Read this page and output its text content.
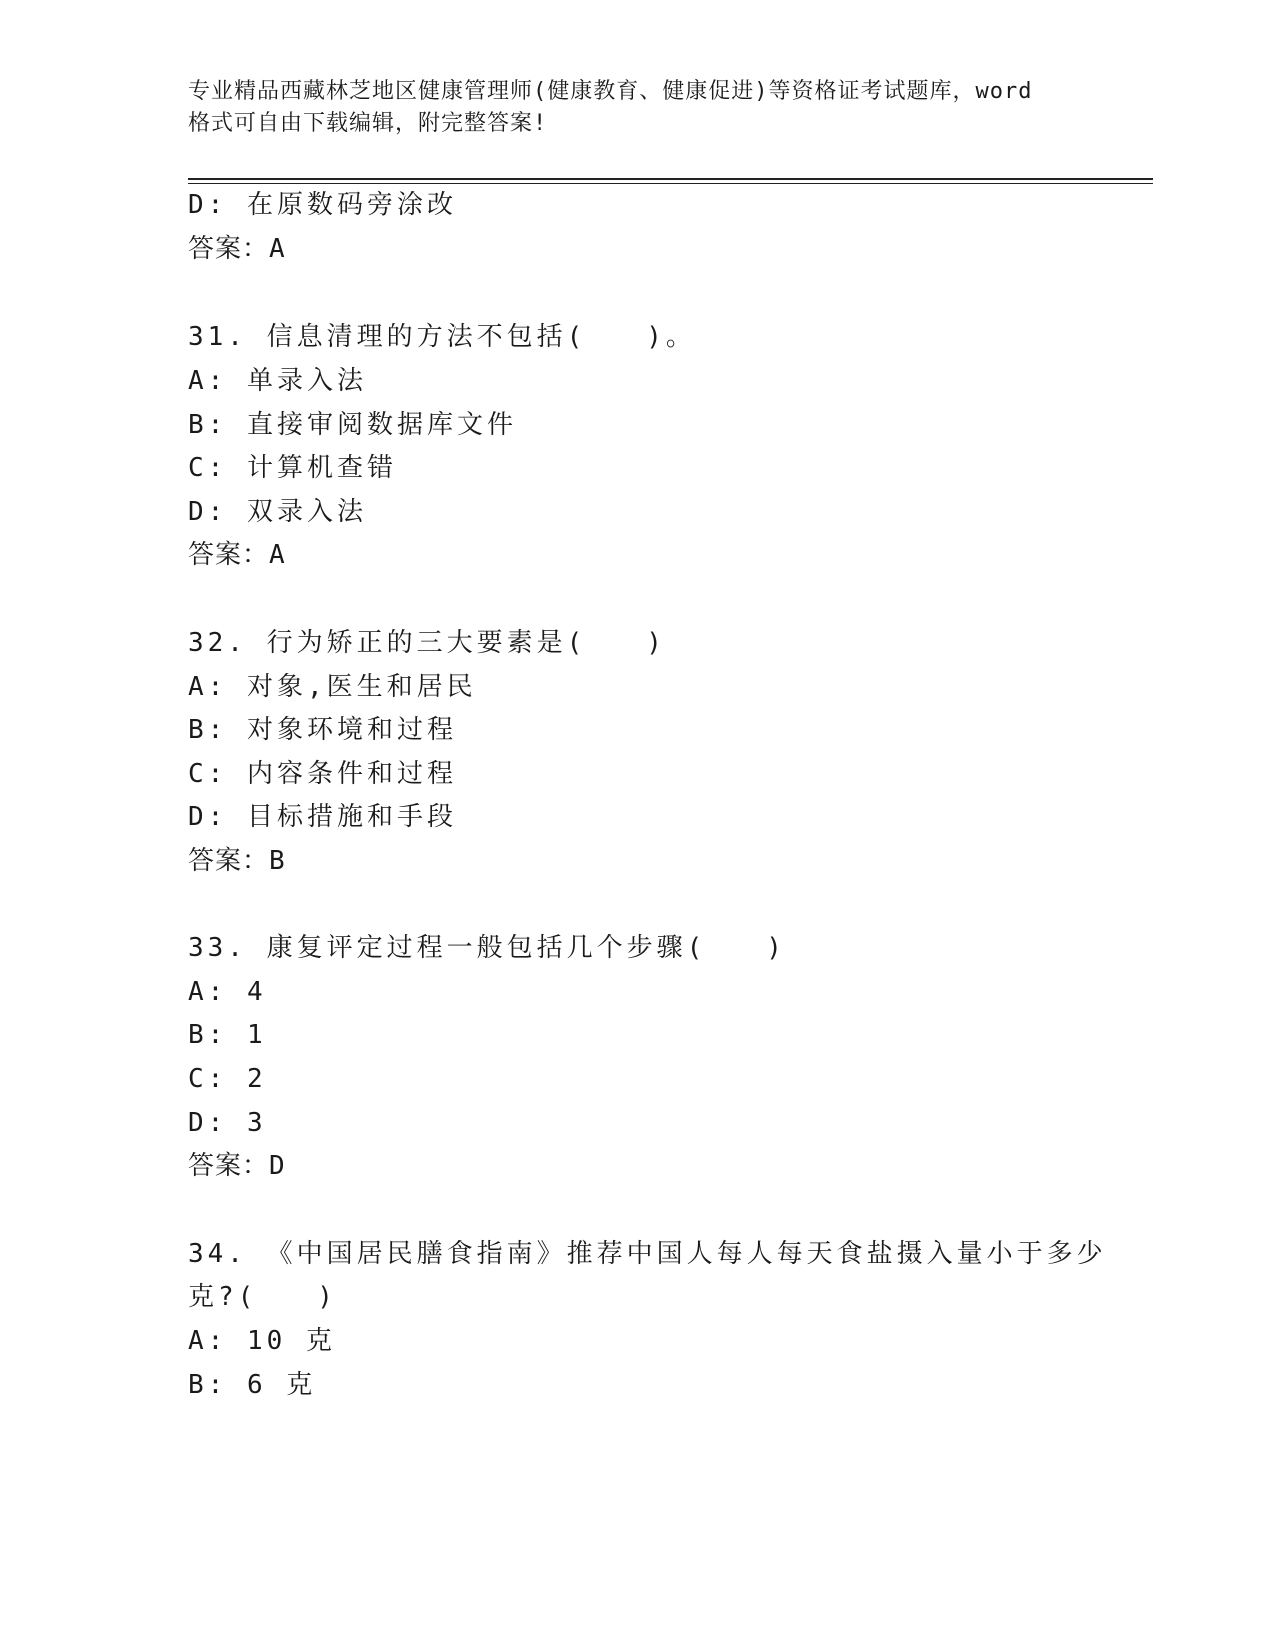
专业精品西藏林芝地区健康管理师(健康教育、健康促进)等资格证考试题库，word
格式可自由下载编辑，附完整答案!
D: 在原数码旁涂改
答案：A
31. 信息清理的方法不包括(　　)。
A: 单录入法
B: 直接审阅数据库文件
C: 计算机查错
D: 双录入法
答案：A
32. 行为矫正的三大要素是(　　)
A: 对象,医生和居民
B: 对象环境和过程
C: 内容条件和过程
D: 目标措施和手段
答案：B
33. 康复评定过程一般包括几个步骤(　　)
A: 4
B: 1
C: 2
D: 3
答案：D
34. 《中国居民膳食指南》推荐中国人每人每天食盐摄入量小于多少
克?(　　)
A: 10 克
B: 6 克
